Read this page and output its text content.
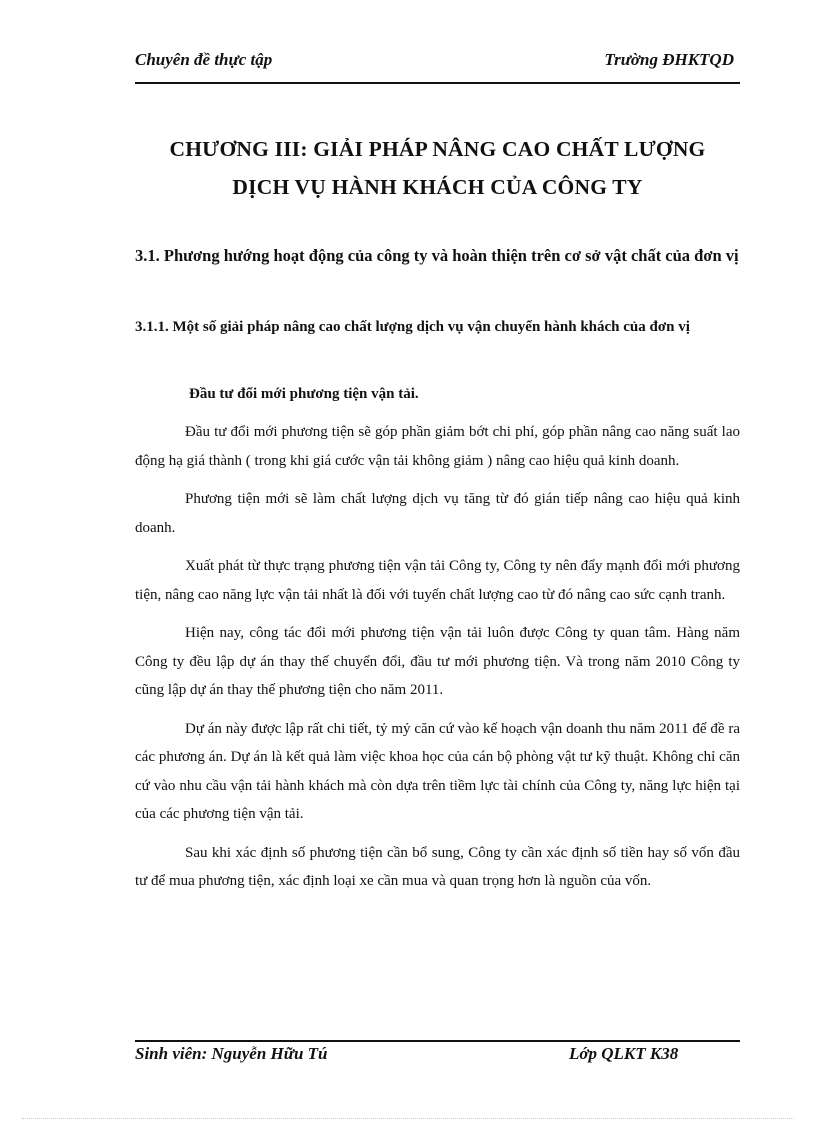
Chuyên đề thực tập	Trường ĐHKTQD
CHƯƠNG III: GIẢI PHÁP NÂNG CAO CHẤT LƯỢNG
DỊCH VỤ HÀNH KHÁCH CỦA CÔNG TY
3.1. Phương hướng hoạt động của công ty và hoàn thiện trên cơ sở vật chất của đơn vị
3.1.1. Một số giải pháp nâng cao chất lượng dịch vụ vận chuyển hành khách của đơn vị
Đầu tư đổi mới phương tiện vận tải.

Đầu tư đổi mới phương tiện sẽ góp phần giảm bớt chi phí, góp phần nâng cao năng suất lao động hạ giá thành ( trong khi giá cước vận tải không giảm ) nâng cao hiệu quả kinh doanh.

Phương tiện mới sẽ làm chất lượng dịch vụ tăng từ đó gián tiếp nâng cao hiệu quả kinh doanh.

Xuất phát từ thực trạng phương tiện vận tải Công ty, Công ty nên đẩy mạnh đổi mới phương tiện, nâng cao năng lực vận tải nhất là đối với tuyến chất lượng cao từ đó nâng cao sức cạnh tranh.

Hiện nay, công tác đổi mới phương tiện vận tải luôn được Công ty quan tâm. Hàng năm Công ty đều lập dự án thay thế chuyển đổi, đầu tư mới phương tiện. Và trong năm 2010 Công ty cũng lập dự án thay thế phương tiện cho năm 2011.

Dự án này được lập rất chi tiết, tỷ mỷ căn cứ vào kế hoạch vận doanh thu năm 2011 để đề ra các phương án. Dự án là kết quả làm việc khoa học của cán bộ phòng vật tư kỹ thuật. Không chỉ căn cứ vào nhu cầu vận tải hành khách mà còn dựa trên tiềm lực tài chính của Công ty, năng lực hiện tại của các phương tiện vận tải.

Sau khi xác định số phương tiện cần bổ sung, Công ty cần xác định số tiền hay số vốn đầu tư để mua phương tiện, xác định loại xe cần mua và quan trọng hơn là nguồn của vốn.

Sinh viên: Nguyễn Hữu Tú	Lớp QLKT K38
